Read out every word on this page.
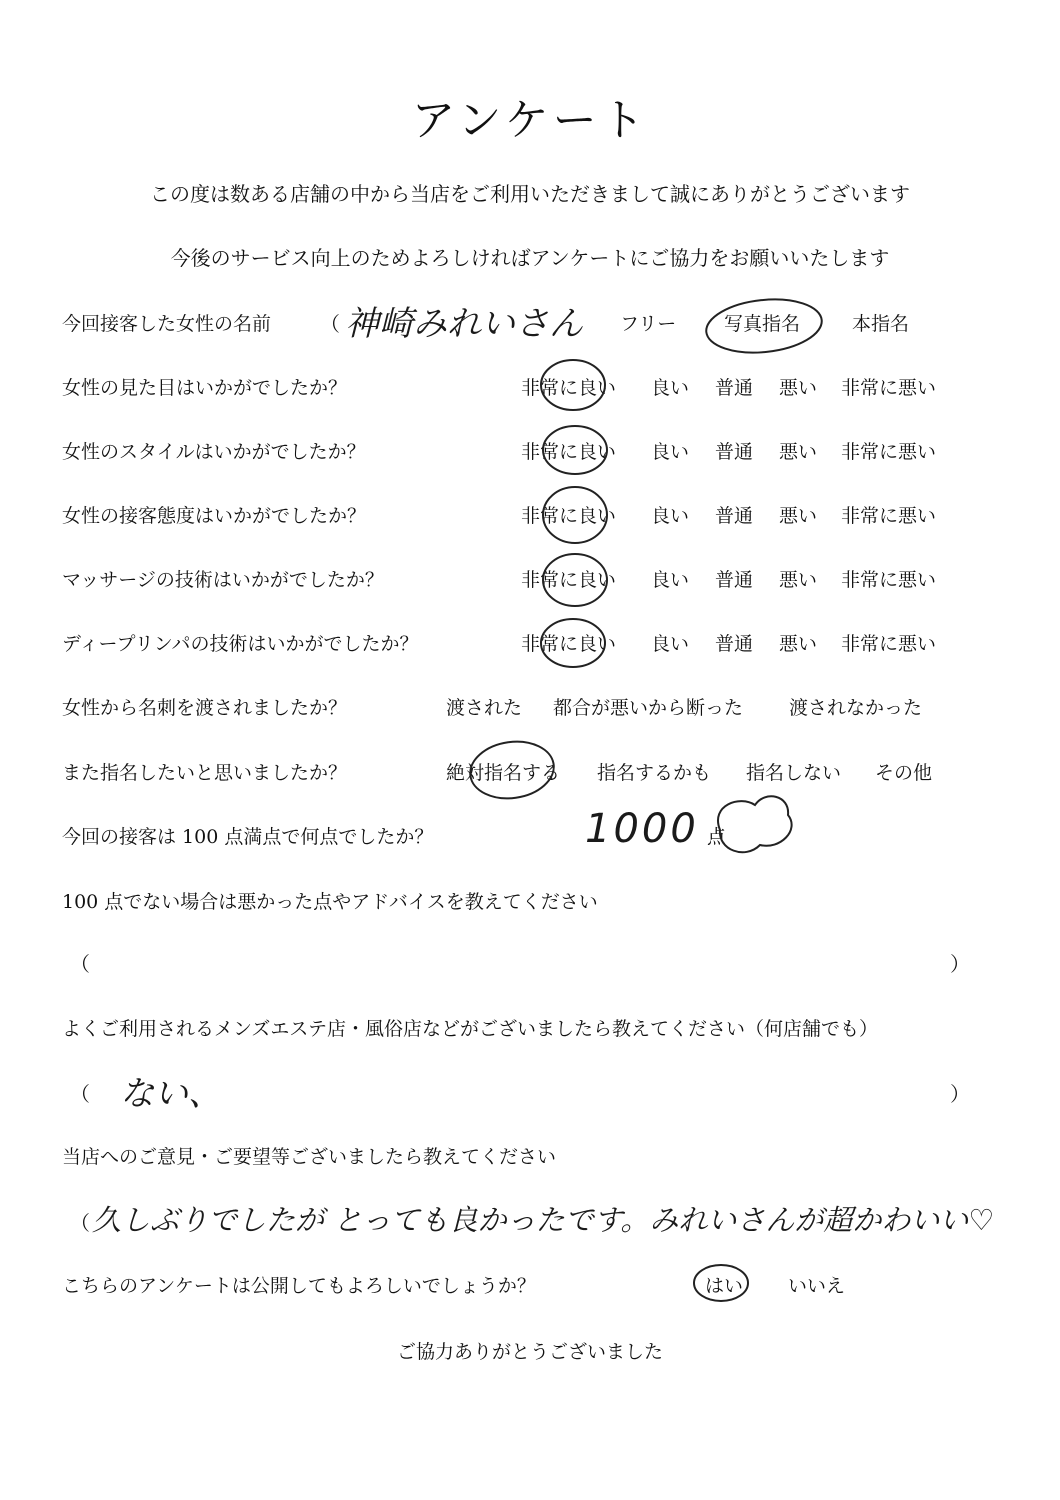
アンケート
この度は数ある店舗の中から当店をご利用いただきまして誠にありがとうございます
今後のサービス向上のためよろしければアンケートにご協力をお願いいたします
今回接客した女性の名前 （ 神崎みれいさん フリー	写真指名	本指名
女性の見た目はいかがでしたか？	非常に良い 良い 普通 悪い 非常に悪い
女性のスタイルはいかがでしたか？	非常に良い 良い 普通 悪い 非常に悪い
女性の接客態度はいかがでしたか？	非常に良い 良い 普通 悪い 非常に悪い
マッサージの技術はいかがでしたか？	非常に良い 良い 普通 悪い 非常に悪い
ディープリンパの技術はいかがでしたか？	非常に良い 良い 普通 悪い 非常に悪い
女性から名刺を渡されましたか？	渡された 都合が悪いから断った 渡されなかった
また指名したいと思いましたか？	絶対指名する 指名するかも 指名しない その他
今回の接客は 100 点満点で何点でしたか？	1000 点
100 点でない場合は悪かった点やアドバイスを教えてください
（	）
よくご利用されるメンズエステ店・風俗店などがございましたら教えてください（何店舗でも）
（ ない、	）
当店へのご意見・ご要望等ございましたら教えてください
（ 久しぶりでしたが とっても良かったです。みれいさんが超かわいい♡
こちらのアンケートは公開してもよろしいでしょうか？	はい いいえ
ご協力ありがとうございました
